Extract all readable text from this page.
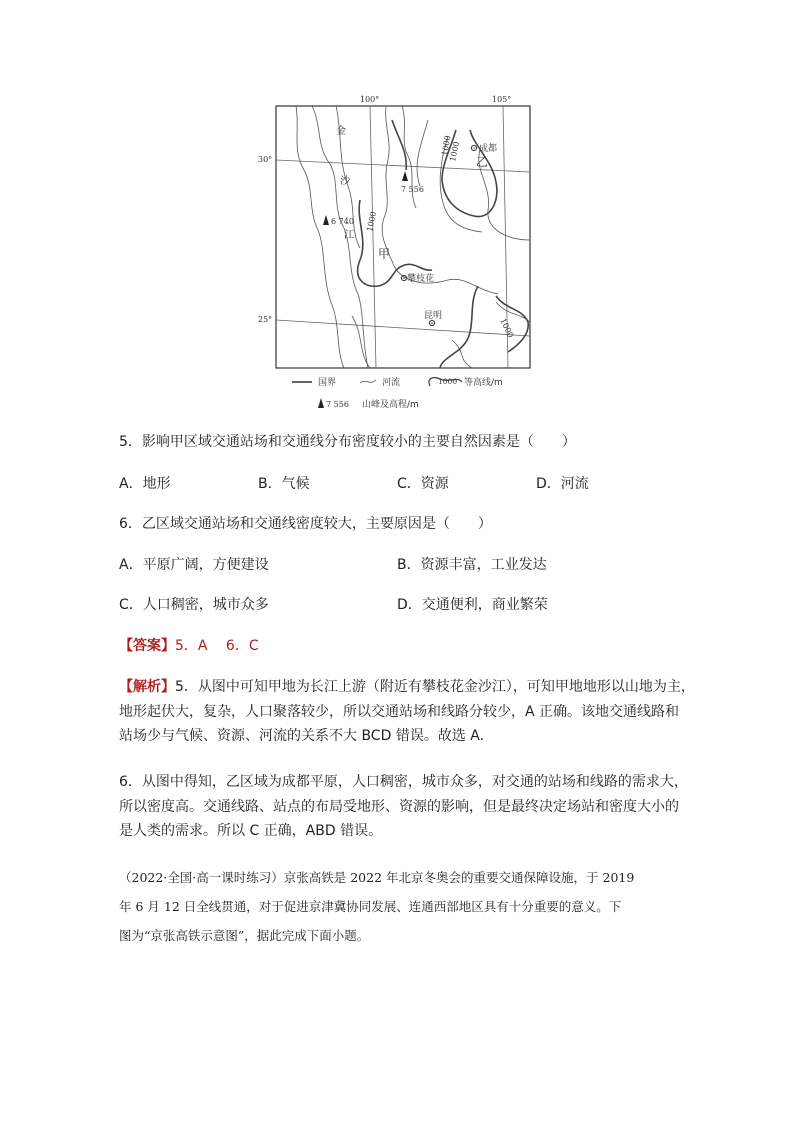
100°	105°
30°
25°
金
沙
江
甲
乙
成都
攀枝花
昆明
7 556
6 740
1000
1000
1000
1000
国界	河流	1000 等高线/m
7 556 山峰及高程/m
5．影响甲区域交通站场和交通线分布密度较小的主要自然因素是（　　）
A．地形	B．气候	C．资源	D．河流
6．乙区域交通站场和交通线密度较大，主要原因是（　　）
A．平原广阔，方便建设	B．资源丰富，工业发达
C．人口稠密，城市众多	D．交通便利，商业繁荣
【答案】5．A　 6．C

【解析】5．从图中可知甲地为长江上游（附近有攀枝花金沙江），可知甲地地形以山地为主，

地形起伏大，复杂，人口聚落较少，所以交通站场和线路分较少，A 正确。该地交通线路和

站场少与气候、资源、河流的关系不大 BCD 错误。故选 A.

6．从图中得知，乙区域为成都平原，人口稠密，城市众多，对交通的站场和线路的需求大，

所以密度高。交通线路、站点的布局受地形、资源的影响，但是最终决定场站和密度大小的

是人类的需求。所以 C 正确，ABD 错误。

（2022·全国·高一课时练习）京张高铁是 2022 年北京冬奥会的重要交通保障设施，于 2019
年 6 月 12 日全线贯通，对于促进京津冀协同发展、连通西部地区具有十分重要的意义。下
图为“京张高铁示意图”，据此完成下面小题。
